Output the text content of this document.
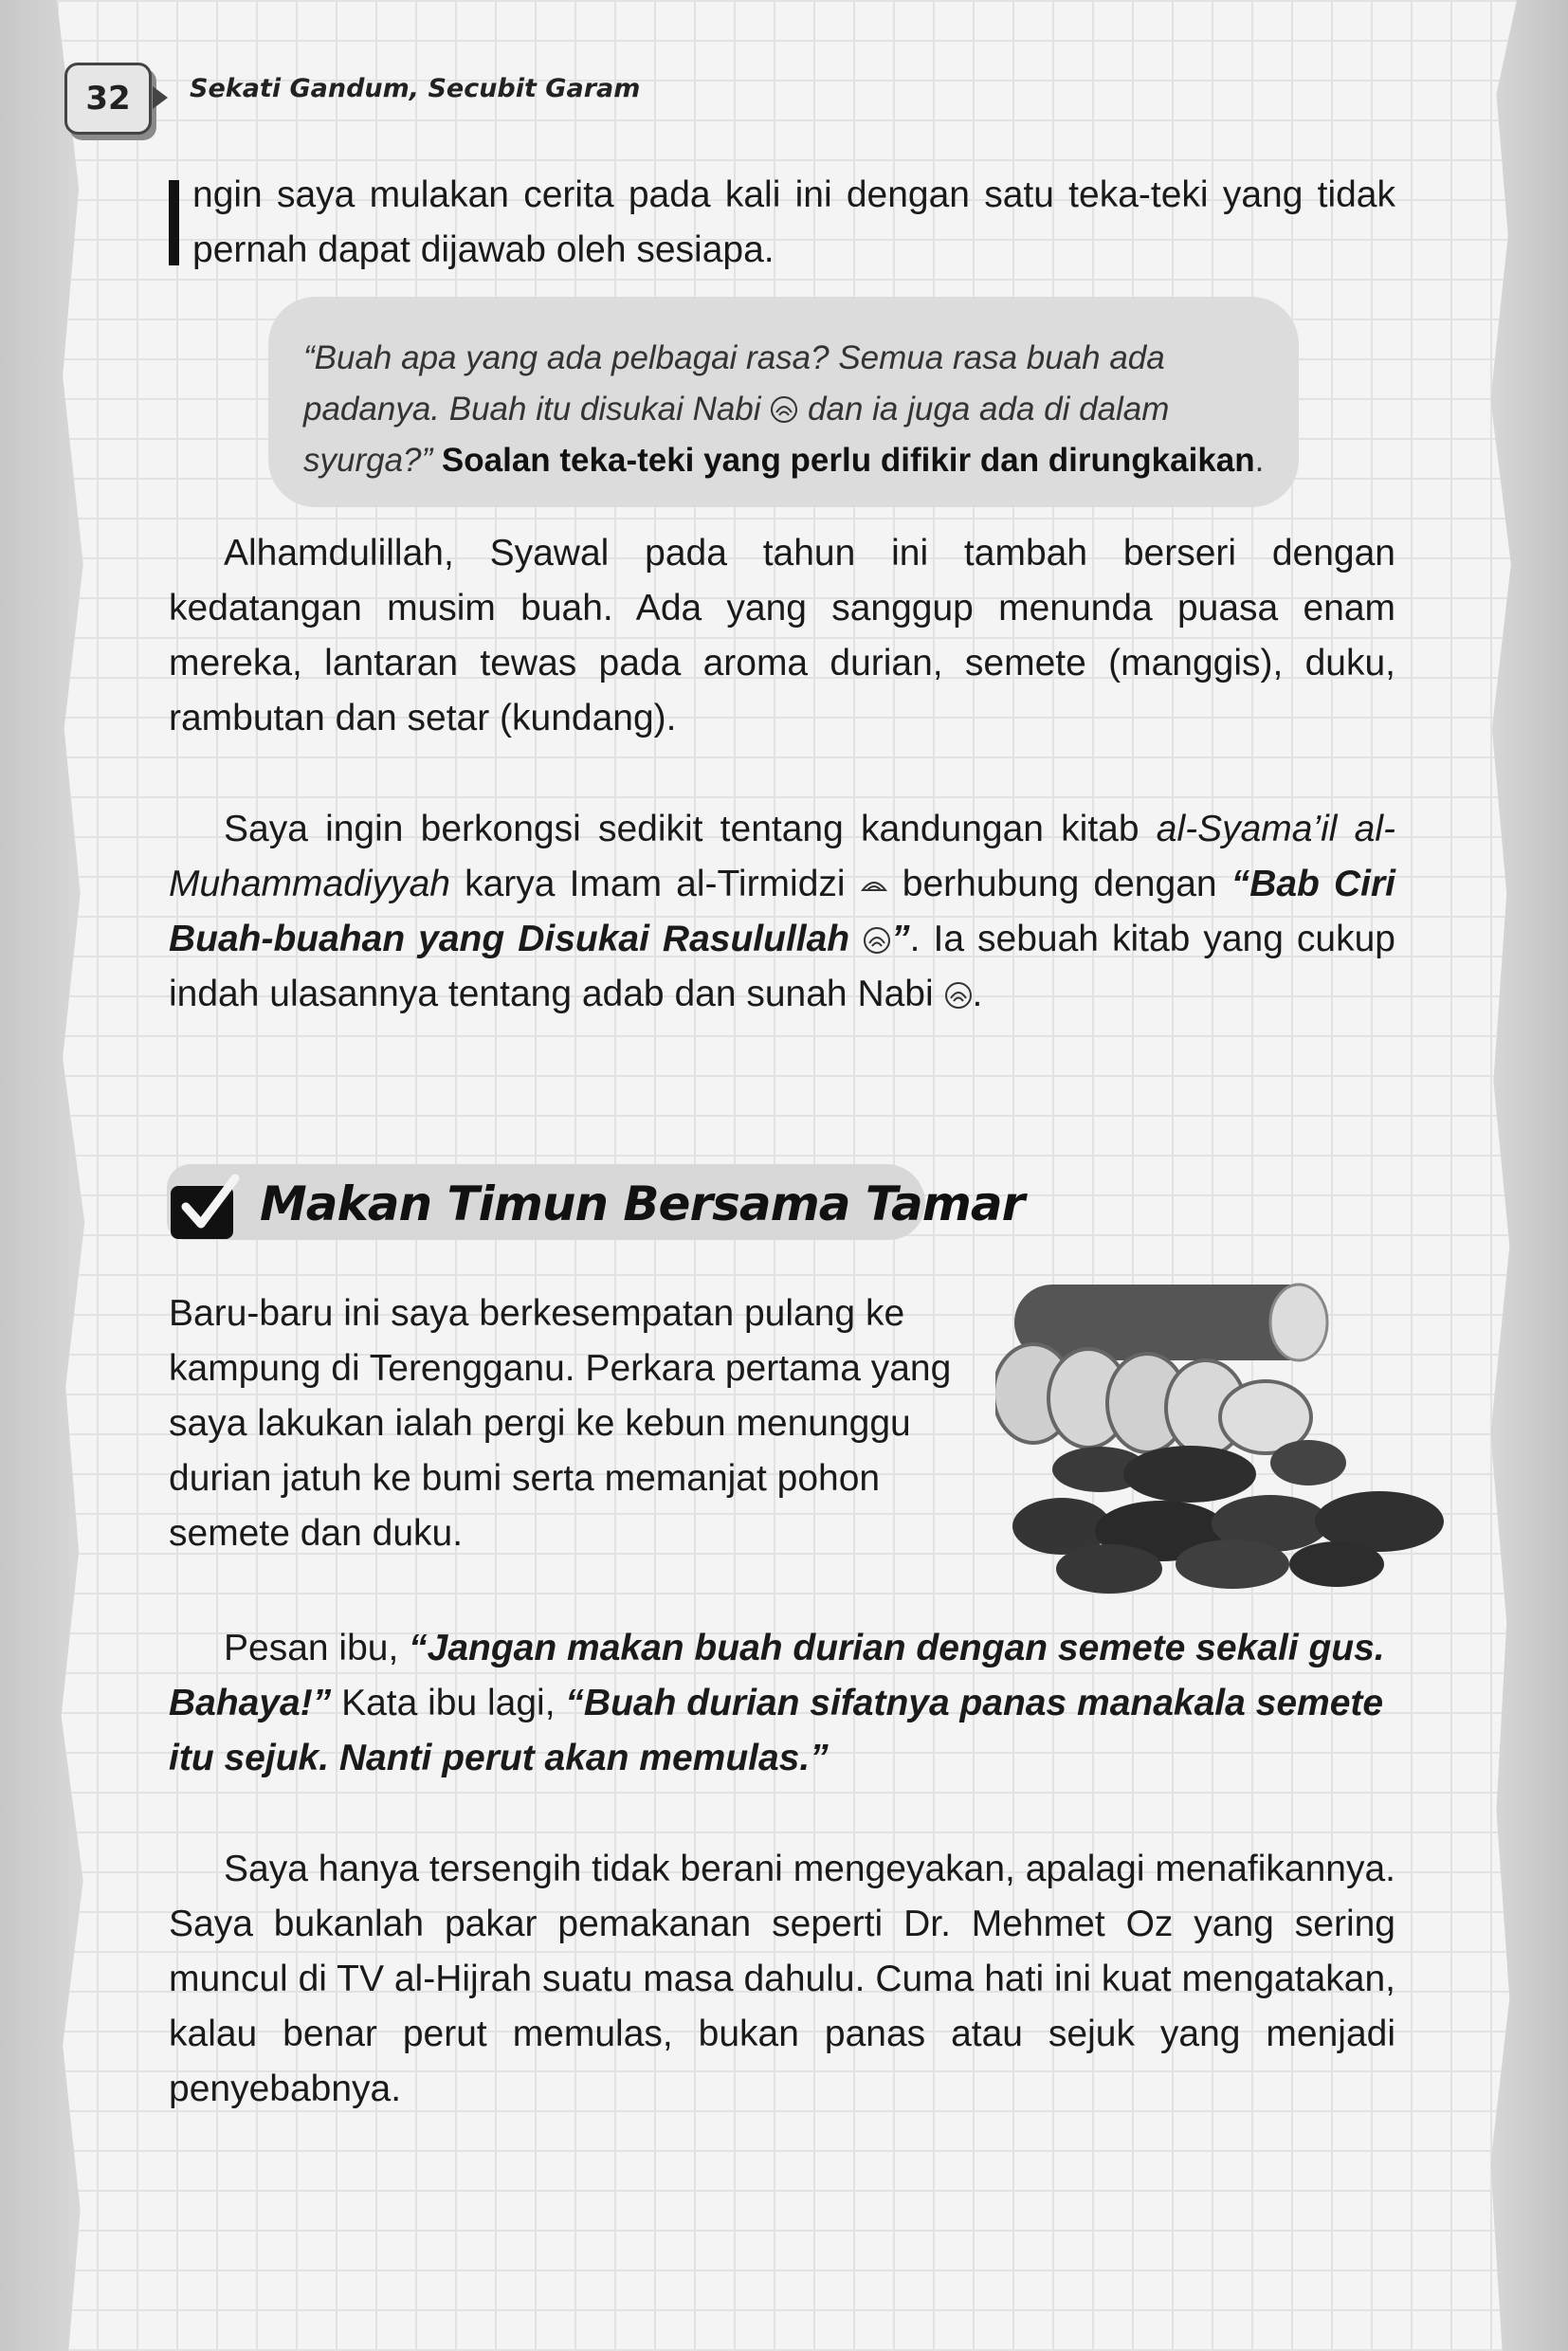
32 Sekati Gandum, Secubit Garam

ngin saya mulakan cerita pada kali ini dengan satu teka-teki yang tidak pernah dapat dijawab oleh sesiapa.

“Buah apa yang ada pelbagai rasa? Semua rasa buah ada padanya. Buah itu disukai Nabi dan ia juga ada di dalam syurga?” Soalan teka-teki yang perlu difikir dan dirungkaikan.

Alhamdulillah, Syawal pada tahun ini tambah berseri dengan kedatangan musim buah. Ada yang sanggup menunda puasa enam mereka, lantaran tewas pada aroma durian, semete (manggis), duku, rambutan dan setar (kundang).

Saya ingin berkongsi sedikit tentang kandungan kitab al-Syama’il al-Muhammadiyyah karya Imam al-Tirmidzi  berhubung dengan “Bab Ciri Buah-buahan yang Disukai Rasulullah ”. Ia sebuah kitab yang cukup indah ulasannya tentang adab dan sunah Nabi .

Makan Timun Bersama Tamar

Baru-baru ini saya berkesempatan pulang ke kampung di Terengganu. Perkara pertama yang saya lakukan ialah pergi ke kebun menunggu durian jatuh ke bumi serta memanjat pohon semete dan duku.

Pesan ibu, “Jangan makan buah durian dengan semete sekali gus. Bahaya!” Kata ibu lagi, “Buah durian sifatnya panas manakala semete itu sejuk. Nanti perut akan memulas.”

Saya hanya tersengih tidak berani mengeyakan, apalagi menafikannya. Saya bukanlah pakar pemakanan seperti Dr. Mehmet Oz yang sering muncul di TV al-Hijrah suatu masa dahulu. Cuma hati ini kuat mengatakan, kalau benar perut memulas, bukan panas atau sejuk yang menjadi penyebabnya.
